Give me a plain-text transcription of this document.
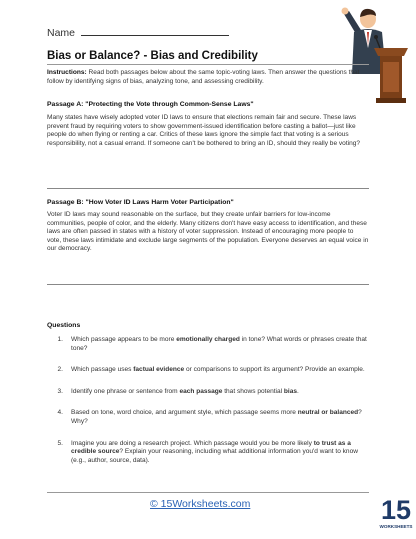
Name
Bias or Balance? - Bias and Credibility
Instructions: Read both passages below about the same topic-voting laws. Then answer the questions that follow by identifying signs of bias, analyzing tone, and assessing credibility.
Passage A: "Protecting the Vote through Common-Sense Laws"
Many states have wisely adopted voter ID laws to ensure that elections remain fair and secure. These laws prevent fraud by requiring voters to show government-issued identification before casting a ballot—just like people do when flying or renting a car. Critics of these laws ignore the simple fact that voting is a serious responsibility, not a casual errand. If someone can't be bothered to bring an ID, should they really be voting?
Passage B: "How Voter ID Laws Harm Voter Participation"
Voter ID laws may sound reasonable on the surface, but they create unfair barriers for low-income communities, people of color, and the elderly. Many citizens don't have easy access to identification, and these laws are often passed in states with a history of voter suppression. Instead of encouraging more people to vote, these laws intimidate and exclude large segments of the population. Everyone deserves an equal voice in our democracy.
Questions
1. Which passage appears to be more emotionally charged in tone? What words or phrases create that tone?
2. Which passage uses factual evidence or comparisons to support its argument? Provide an example.
3. Identify one phrase or sentence from each passage that shows potential bias.
4. Based on tone, word choice, and argument style, which passage seems more neutral or balanced? Why?
5. Imagine you are doing a research project. Which passage would you be more likely to trust as a credible source? Explain your reasoning, including what additional information you'd want to know (e.g., author, source, data).
© 15Worksheets.com	15
WORKSHEETS
